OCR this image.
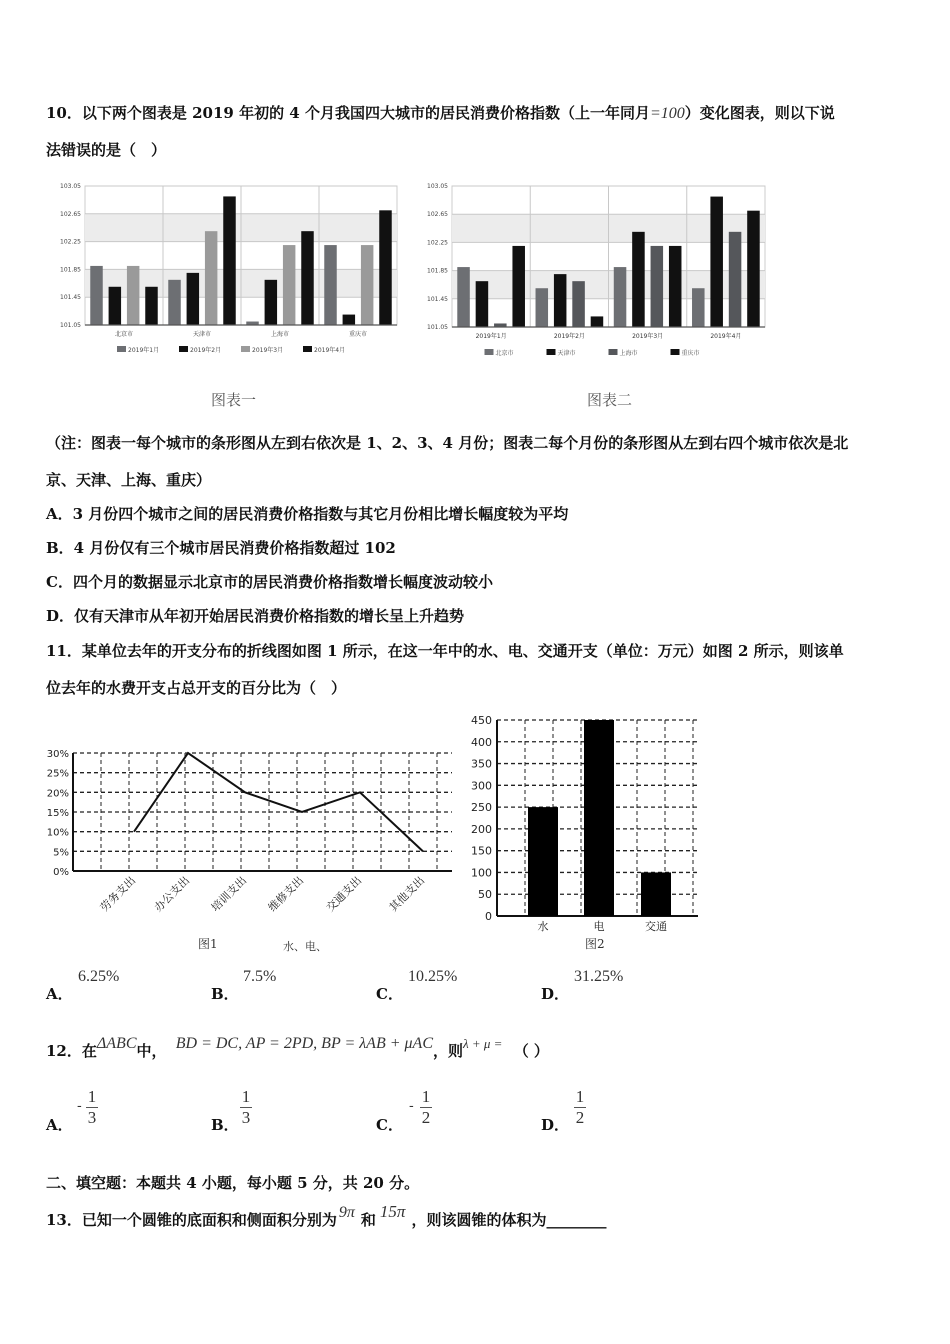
10．以下两个图表是 2019 年初的 4 个月我国四大城市的居民消费价格指数（上一年同月=100）变化图表，则以下说
法错误的是（　）
101.05
101.45
101.85
102.25
102.65
103.05
北京市	天津市	上海市	重庆市
2019年1月	2019年2月	2019年3月	2019年4月
101.05
101.45
101.85
102.25
102.65
103.05
2019年1月	2019年2月	2019年3月	2019年4月
北京市	天津市	上海市	重庆市
图表一	图表二
（注：图表一每个城市的条形图从左到右依次是 1、2、3、4 月份；图表二每个月份的条形图从左到右四个城市依次是北
京、天津、上海、重庆）
A．3 月份四个城市之间的居民消费价格指数与其它月份相比增长幅度较为平均
B．4 月份仅有三个城市居民消费价格指数超过 102
C．四个月的数据显示北京市的居民消费价格指数增长幅度波动较小
D．仅有天津市从年初开始居民消费价格指数的增长呈上升趋势
11．某单位去年的开支分布的折线图如图 1 所示，在这一年中的水、电、交通开支（单位：万元）如图 2 所示，则该单
位去年的水费开支占总开支的百分比为（　）
0%
5%
10%
15%
20%
25%
30%
劳务支出 办公支出 培训支出 维修支出 交通支出 其他支出
0
50
100
150
200
250
300
350
400
450
水	电	交通
图1	水、电、	图2
A．
6.25%
B．
7.5%
C．
10.25%
D．
31.25%
12．在ΔABC中， BD = DC, AP = 2PD, BP = λAB + μAC，则λ + μ = （ ）
A．
- 1
3	B．
1
3	C．
- 1
2	D．
1
2
二、填空题：本题共 4 小题，每小题 5 分，共 20 分。
13．已知一个圆锥的底面积和侧面积分别为 9π 和 15π ，则该圆锥的体积为________
